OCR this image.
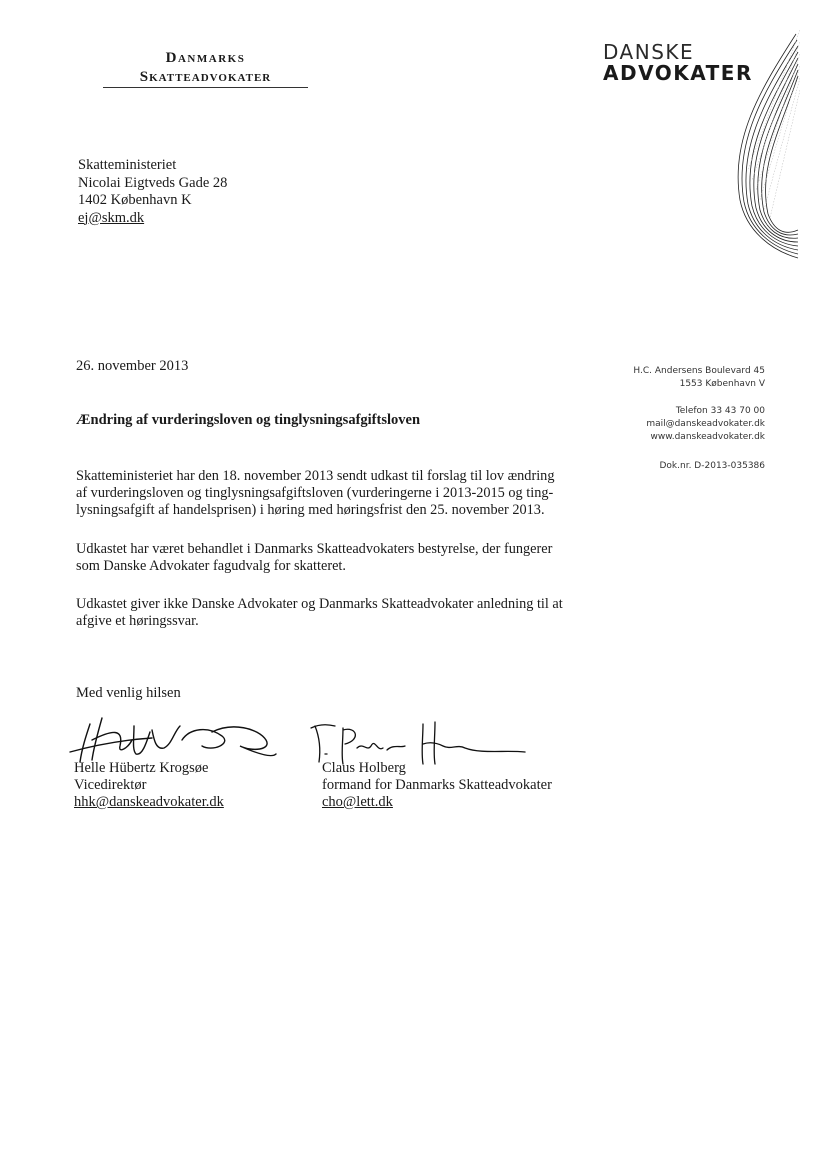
Danmarks
Skatteadvokater
DANSKE
ADVOKATER
Skatteministeriet
Nicolai Eigtveds Gade 28
1402 København K
ej@skm.dk
26. november 2013	H.C. Andersens Boulevard 45
1553 København V
Telefon 33 43 70 00
mail@danskeadvokater.dk
www.danskeadvokater.dk
Dok.nr. D-2013-035386
Ændring af vurderingsloven og tinglysningsafgiftsloven
Skatteministeriet har den 18. november 2013 sendt udkast til forslag til lov ændring
af vurderingsloven og tinglysningsafgiftsloven (vurderingerne i 2013-2015 og ting-
lysningsafgift af handelsprisen) i høring med høringsfrist den 25. november 2013.
Udkastet har været behandlet i Danmarks Skatteadvokaters bestyrelse, der fungerer
som Danske Advokater fagudvalg for skatteret.
Udkastet giver ikke Danske Advokater og Danmarks Skatteadvokater anledning til at
afgive et høringssvar.
Med venlig hilsen
Helle Hübertz Krogsøe
Vicedirektør
hhk@danskeadvokater.dk
Claus Holberg
formand for Danmarks Skatteadvokater
cho@lett.dk
